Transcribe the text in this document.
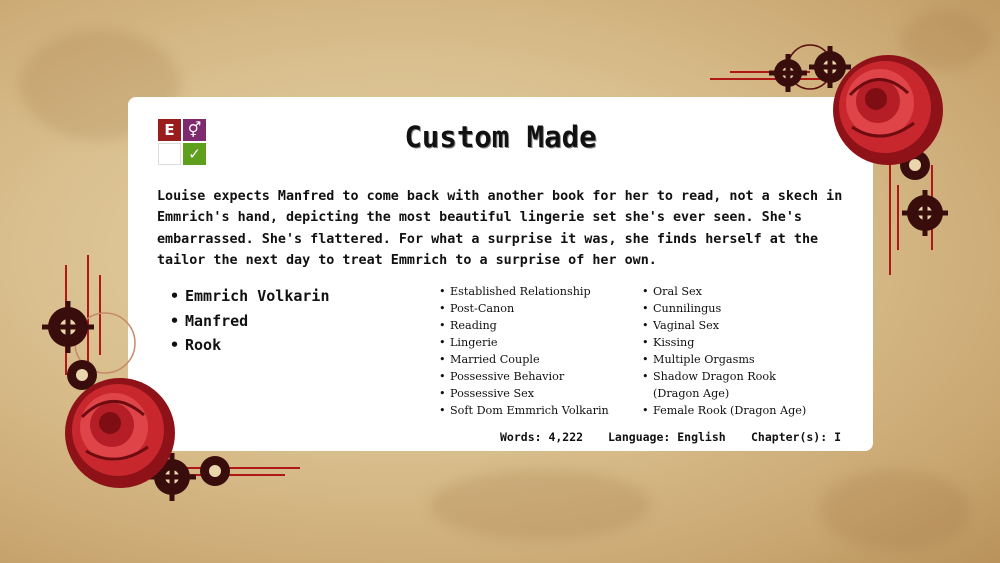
E ⚥
✓	Custom Made
Louise expects Manfred to come back with another book for her to read, not a skech in Emmrich's hand, depicting the most beautiful lingerie set she's ever seen. She's embarrassed. She's flattered. For what a surprise it was, she finds herself at the tailor the next day to treat Emmrich to a surprise of her own.
• Emmrich Volkarin
• Manfred
• Rook
• Established Relationship
• Post-Canon
• Reading
• Lingerie
• Married Couple
• Possessive Behavior
• Possessive Sex
• Soft Dom Emmrich Volkarin
• Oral Sex
• Cunnilingus
• Vaginal Sex
• Kissing
• Multiple Orgasms
• Shadow Dragon Rook (Dragon Age)
• Female Rook (Dragon Age)
Words: 4,222 Language: English Chapter(s): I
